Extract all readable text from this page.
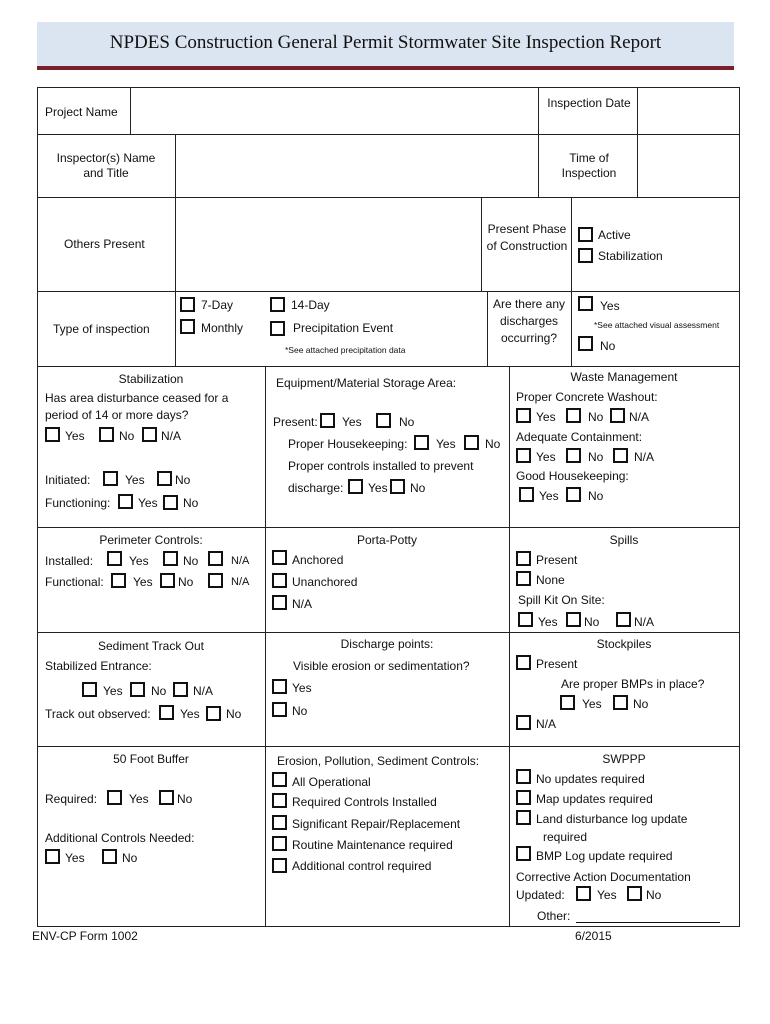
NPDES Construction General Permit Stormwater Site Inspection Report
Project Name
Inspection Date
Inspector(s) Name and Title
Time of Inspection
Others Present
Present Phase of Construction
Active
Stabilization
Type of inspection
7-Day	14-Day
Monthly	Precipitation Event
*See attached precipitation data
Are there any discharges occurring?
Yes
*See attached visual assessment
No
Stabilization
Has area disturbance ceased for a
period of 14 or more days?
Yes	No N/A
Initiated:	Yes	No
Functioning: Yes No
Equipment/Material Storage Area:
Present: Yes	No
Proper Housekeeping: Yes No
Proper controls installed to prevent
discharge: Yes No
Waste Management
Proper Concrete Washout:
Yes	No N/A
Adequate Containment:
Yes	No	N/A
Good Housekeeping:
Yes No
Perimeter Controls:
Installed:	Yes	No	N/A
Functional: Yes No	N/A
Porta-Potty
Anchored
Unanchored
N/A
Spills
Present
None
Spill Kit On Site:
Yes No	N/A
Sediment Track Out
Stabilized Entrance:
Yes No N/A
Track out observed: Yes No
Discharge points:
Visible erosion or sedimentation?
Yes
No
Stockpiles
Present
Are proper BMPs in place?
Yes	No
N/A
50 Foot Buffer
Required:	Yes No
Additional Controls Needed:
Yes	No
Erosion, Pollution, Sediment Controls:
All Operational
Required Controls Installed
Significant Repair/Replacement
Routine Maintenance required
Additional control required
SWPPP
No updates required
Map updates required
Land disturbance log update
required
BMP Log update required
Corrective Action Documentation
Updated:	Yes No
Other:
ENV-CP Form 1002	6/2015
